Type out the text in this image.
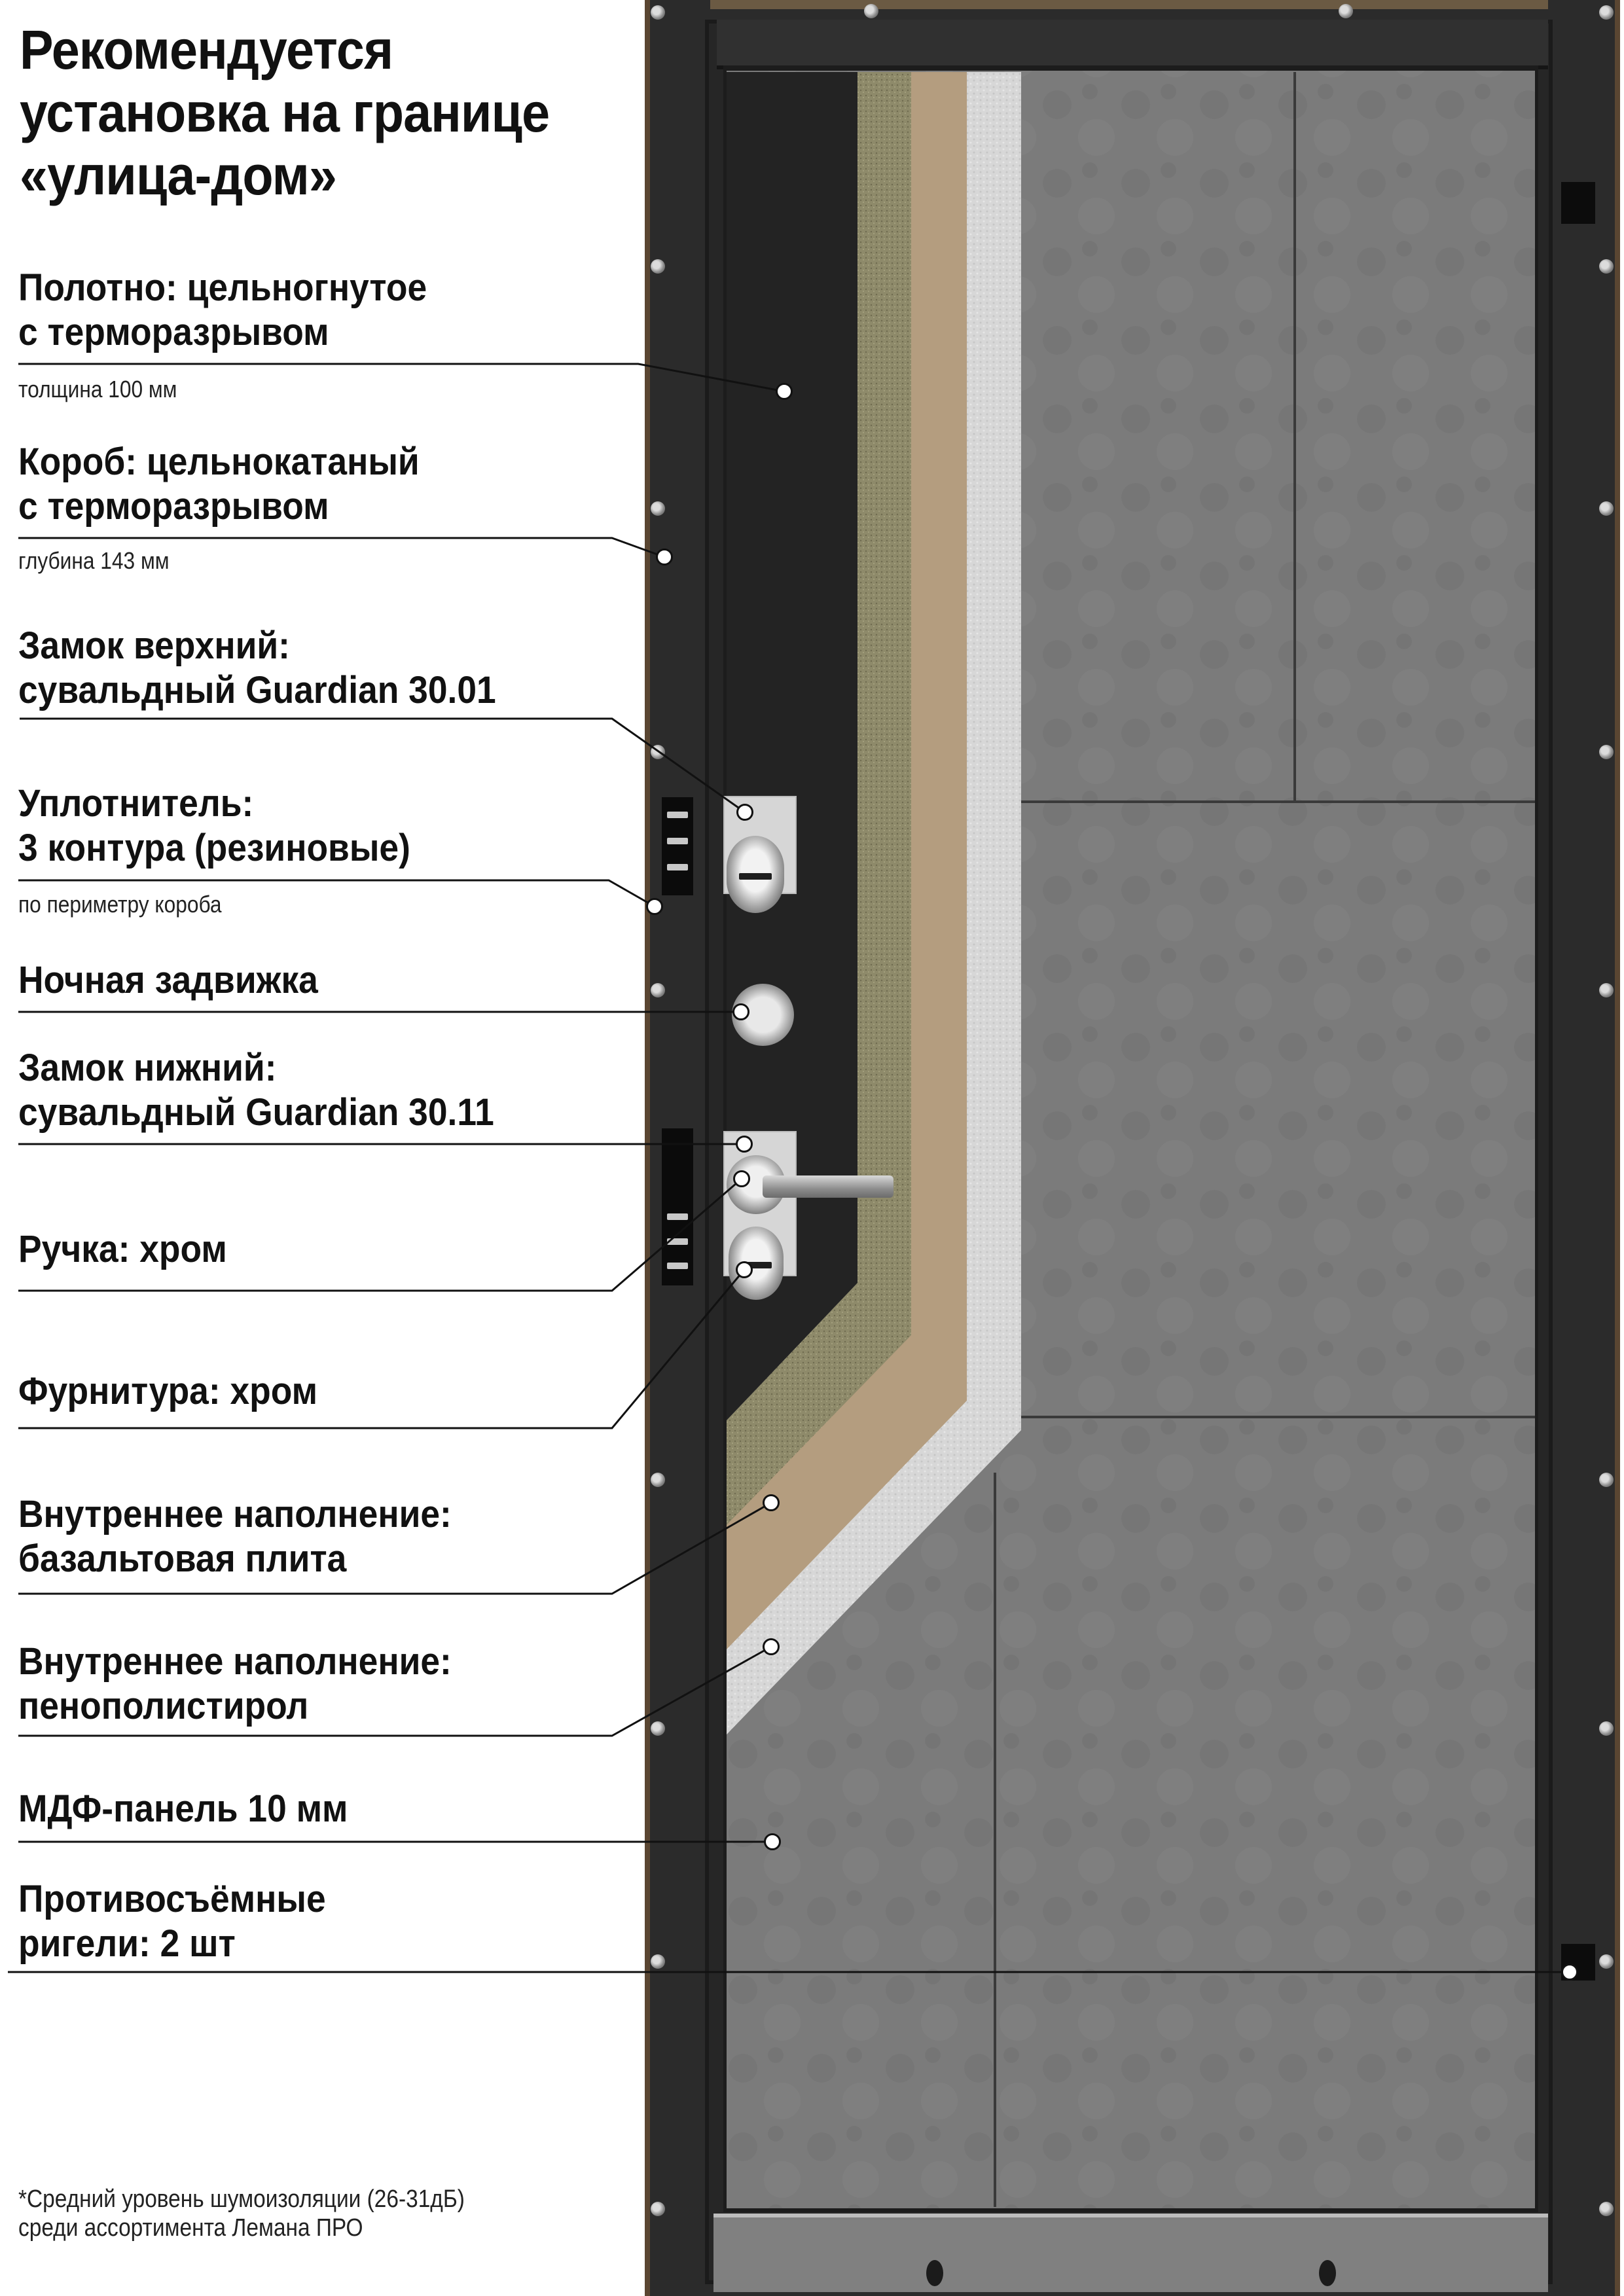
Рекомендуется
установка на границе
«улица-дом»
Полотно: цельногнутое
с терморазрывом
толщина 100 мм
Короб: цельнокатаный
с терморазрывом
глубина 143 мм
Замок верхний:
сувальдный Guardian 30.01
Уплотнитель:
3 контура (резиновые)
по периметру короба
Ночная задвижка
Замок нижний:
сувальдный Guardian 30.11
Ручка: хром
Фурнитура: хром
Внутреннее наполнение:
базальтовая плита
Внутреннее наполнение:
пенополистирол
МДФ-панель 10 мм
Противосъёмные
ригели: 2 шт
*Средний уровень шумоизоляции (26-31дБ)
среди ассортимента Лемана ПРО
